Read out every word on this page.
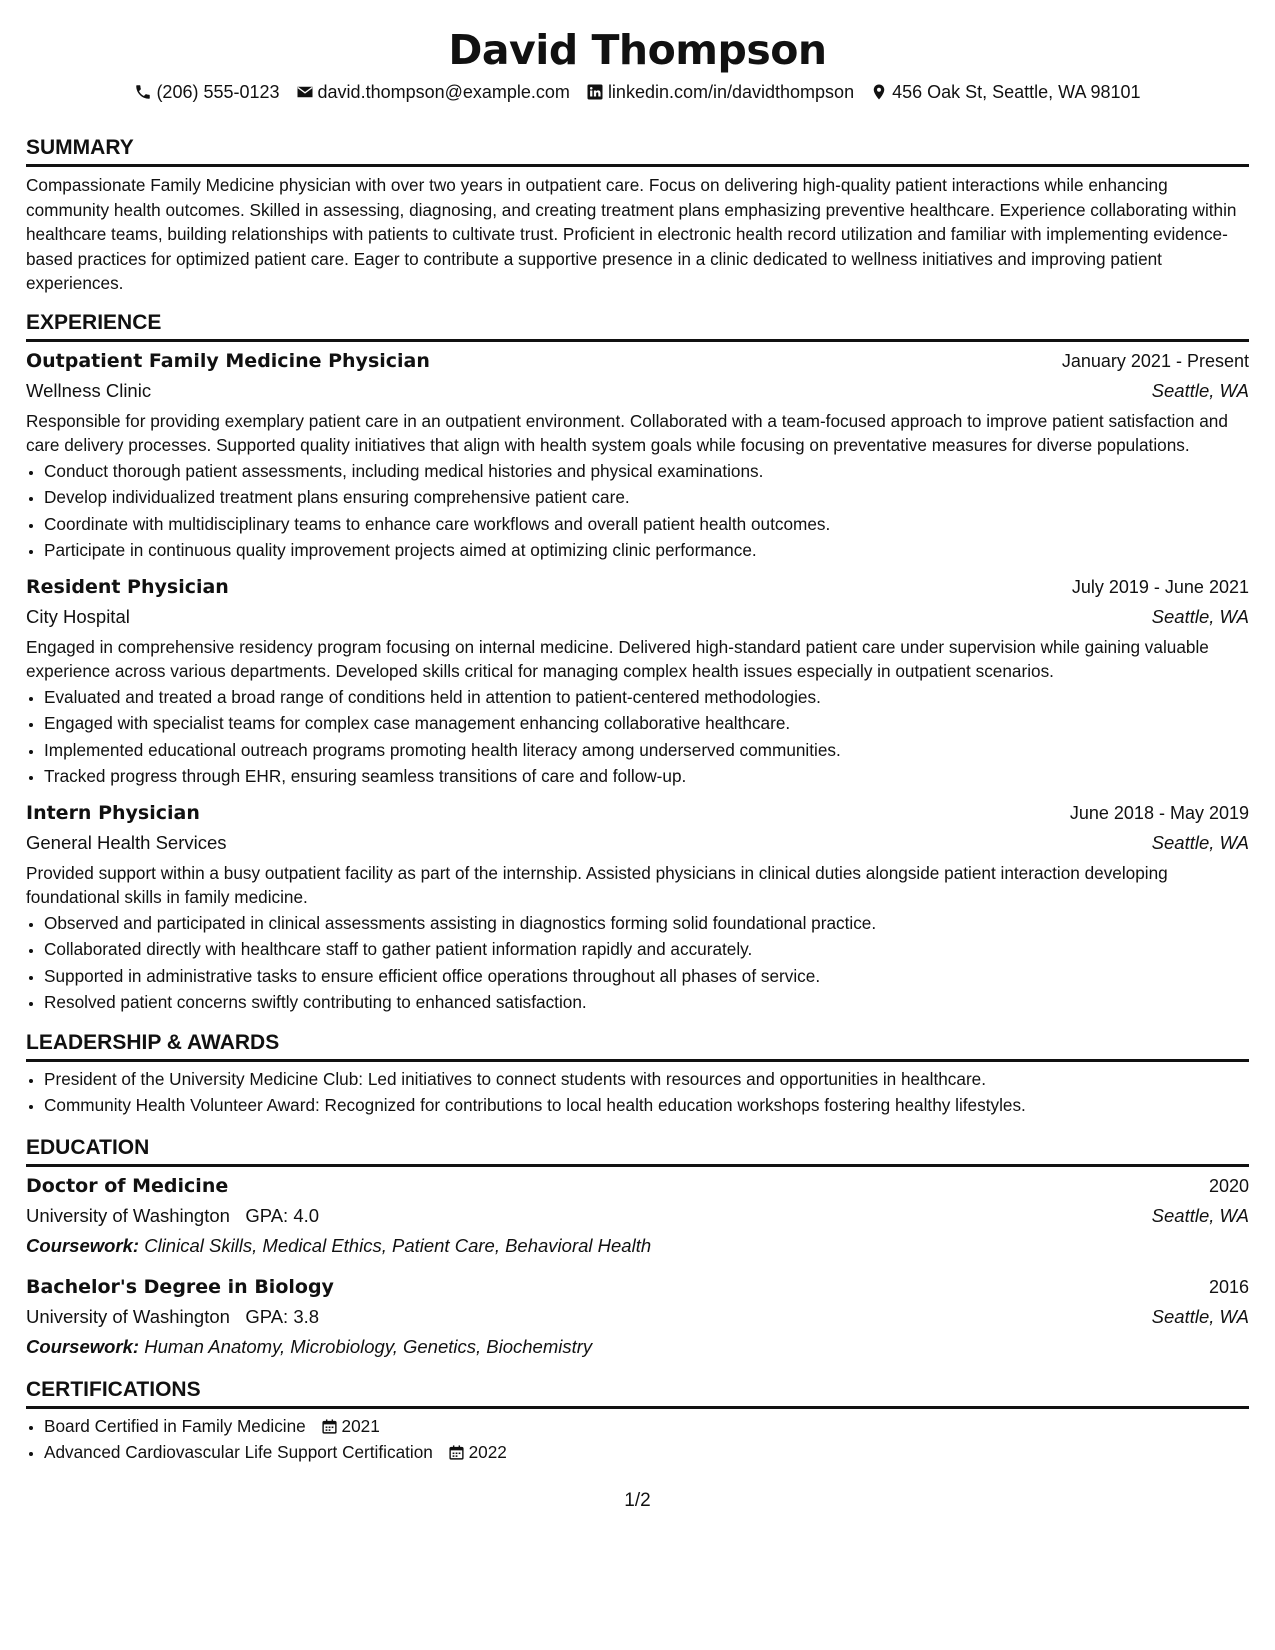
David Thompson
(206) 555-0123 david.thompson@example.com linkedin.com/in/davidthompson 456 Oak St, Seattle, WA 98101
SUMMARY

Compassionate Family Medicine physician with over two years in outpatient care. Focus on delivering high-quality patient interactions while enhancing community health outcomes. Skilled in assessing, diagnosing, and creating treatment plans emphasizing preventive healthcare. Experience collaborating within healthcare teams, building relationships with patients to cultivate trust. Proficient in electronic health record utilization and familiar with implementing evidence-based practices for optimized patient care. Eager to contribute a supportive presence in a clinic dedicated to wellness initiatives and improving patient experiences.

EXPERIENCE
Outpatient Family Medicine Physician	January 2021 - Present
Wellness Clinic	Seattle, WA

Responsible for providing exemplary patient care in an outpatient environment. Collaborated with a team-focused approach to improve patient satisfaction and care delivery processes. Supported quality initiatives that align with health system goals while focusing on preventative measures for diverse populations.

• Conduct thorough patient assessments, including medical histories and physical examinations.
• Develop individualized treatment plans ensuring comprehensive patient care.
• Coordinate with multidisciplinary teams to enhance care workflows and overall patient health outcomes.
• Participate in continuous quality improvement projects aimed at optimizing clinic performance.
Resident Physician	July 2019 - June 2021
City Hospital	Seattle, WA

Engaged in comprehensive residency program focusing on internal medicine. Delivered high-standard patient care under supervision while gaining valuable experience across various departments. Developed skills critical for managing complex health issues especially in outpatient scenarios.

• Evaluated and treated a broad range of conditions held in attention to patient-centered methodologies.
• Engaged with specialist teams for complex case management enhancing collaborative healthcare.
• Implemented educational outreach programs promoting health literacy among underserved communities.
• Tracked progress through EHR, ensuring seamless transitions of care and follow-up.
Intern Physician	June 2018 - May 2019
General Health Services	Seattle, WA

Provided support within a busy outpatient facility as part of the internship. Assisted physicians in clinical duties alongside patient interaction developing foundational skills in family medicine.

• Observed and participated in clinical assessments assisting in diagnostics forming solid foundational practice.
• Collaborated directly with healthcare staff to gather patient information rapidly and accurately.
• Supported in administrative tasks to ensure efficient office operations throughout all phases of service.
• Resolved patient concerns swiftly contributing to enhanced satisfaction.
LEADERSHIP & AWARDS
• President of the University Medicine Club: Led initiatives to connect students with resources and opportunities in healthcare.
• Community Health Volunteer Award: Recognized for contributions to local health education workshops fostering healthy lifestyles.
EDUCATION
Doctor of Medicine	2020
University of Washington GPA: 4.0	Seattle, WA
Coursework: Clinical Skills, Medical Ethics, Patient Care, Behavioral Health
Bachelor's Degree in Biology	2016
University of Washington GPA: 3.8	Seattle, WA
Coursework: Human Anatomy, Microbiology, Genetics, Biochemistry
CERTIFICATIONS
• Board Certified in Family Medicine 2021
• Advanced Cardiovascular Life Support Certification 2022
1/2
